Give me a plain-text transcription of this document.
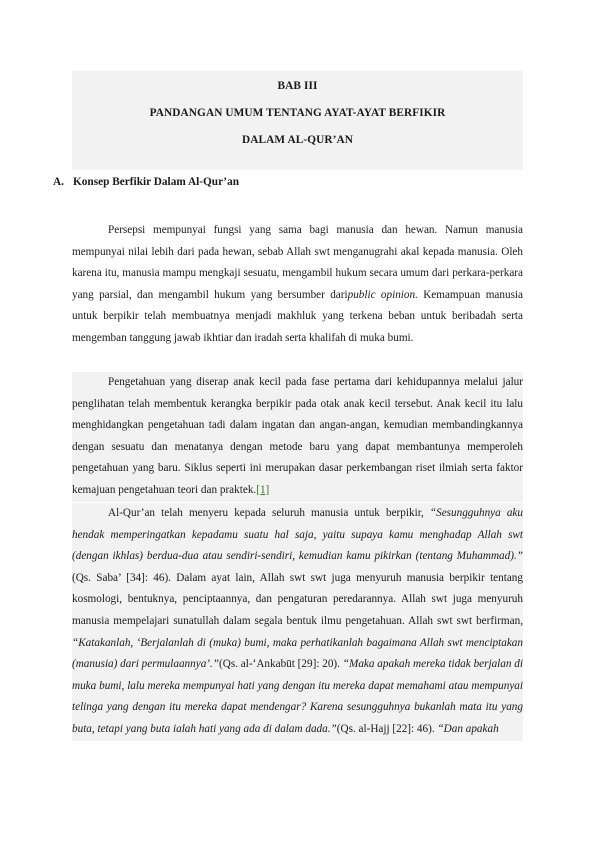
BAB III
PANDANGAN UMUM TENTANG AYAT-AYAT BERFIKIR
DALAM AL-QUR’AN
A. Konsep Berfikir Dalam Al-Qur’an

Persepsi mempunyai fungsi yang sama bagi manusia dan hewan. Namun manusia mempunyai nilai lebih dari pada hewan, sebab Allah swt menganugrahi akal kepada manusia. Oleh karena itu, manusia mampu mengkaji sesuatu, mengambil hukum secara umum dari perkara-perkara yang parsial, dan mengambil hukum yang bersumber daripublic opinion. Kemampuan manusia untuk berpikir telah membuatnya menjadi makhluk yang terkena beban untuk beribadah serta mengemban tanggung jawab ikhtiar dan iradah serta khalifah di muka bumi.

Pengetahuan yang diserap anak kecil pada fase pertama dari kehidupannya melalui jalur penglihatan telah membentuk kerangka berpikir pada otak anak kecil tersebut. Anak kecil itu lalu menghidangkan pengetahuan tadi dalam ingatan dan angan-angan, kemudian membandingkannya dengan sesuatu dan menatanya dengan metode baru yang dapat membantunya memperoleh pengetahuan yang baru. Siklus seperti ini merupakan dasar perkembangan riset ilmiah serta faktor kemajuan pengetahuan teori dan praktek.[1]

Al-Qur’an telah menyeru kepada seluruh manusia untuk berpikir, “Sesungguhnya aku hendak memperingatkan kepadamu suatu hal saja, yaitu supaya kamu menghadap Allah swt (dengan ikhlas) berdua-dua atau sendiri-sendiri, kemudian kamu pikirkan (tentang Muhammad).” (Qs. Saba’ [34]: 46). Dalam ayat lain, Allah swt swt juga menyuruh manusia berpikir tentang kosmologi, bentuknya, penciptaannya, dan pengaturan peredarannya. Allah swt juga menyuruh manusia mempelajari sunatullah dalam segala bentuk ilmu pengetahuan. Allah swt swt berfirman, “Katakanlah, ‘Berjalanlah di (muka) bumi, maka perhatikanlah bagaimana Allah swt menciptakan (manusia) dari permulaannya’.”(Qs. al-‘Ankabūt [29]: 20). “Maka apakah mereka tidak berjalan di muka bumi, lalu mereka mempunyai hati yang dengan itu mereka dapat memahami atau mempunyai telinga yang dengan itu mereka dapat mendengar? Karena sesungguhnya bukanlah mata itu yang buta, tetapi yang buta ialah hati yang ada di dalam dada.”(Qs. al-Hajj [22]: 46). “Dan apakah
